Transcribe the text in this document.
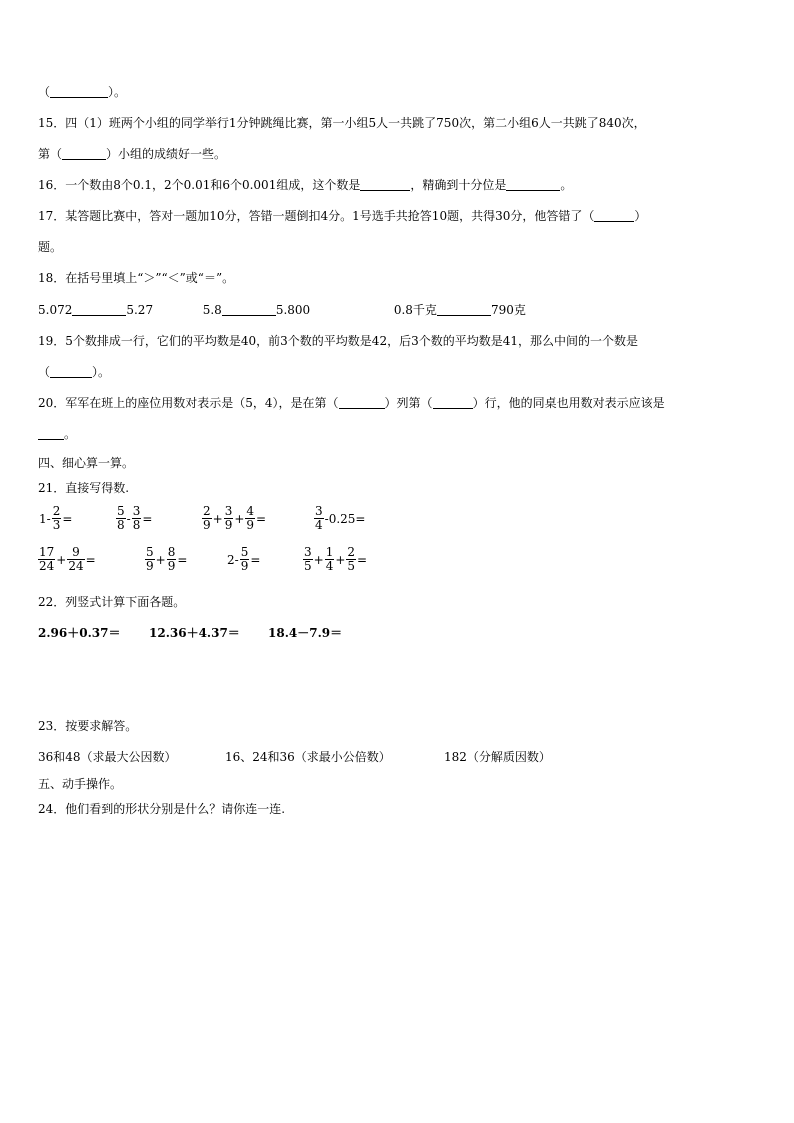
（	）。
15．四（1）班两个小组的同学举行1分钟跳绳比赛，第一小组5人一共跳了750次，第二小组6人一共跳了840次，
第（	）小组的成绩好一些。
16．一个数由8个0.1，2个0.01和6个0.001组成，这个数是	，精确到十分位是	。
17．某答题比赛中，答对一题加10分，答错一题倒扣4分。1号选手共抢答10题，共得30分，他答错了（	）
题。
18．在括号里填上“＞”“＜”或“＝”。
5.072	5.27	5.8	5.800	0.8千克	790克
19．5个数排成一行，它们的平均数是40，前3个数的平均数是42，后3个数的平均数是41，那么中间的一个数是
（	）。
20．军军在班上的座位用数对表示是（5，4），是在第（	）列第（	）行，他的同桌也用数对表示应该是
。
四、细心算一算。
21．直接写得数.
$1- \frac{2}{3}$ =	$\frac{5}{8} - \frac{3}{8}$ =	$\frac{2}{9} + \frac{3}{9} + \frac{4}{9}$ =	$\frac{3}{4} -0.25=$
$\frac{17}{24} + \frac{9}{24}$ =	$\frac{5}{9} + \frac{8}{9}$ =	$2- \frac{5}{9}$ =	$\frac{3}{5} + \frac{1}{4} + \frac{2}{5}$ =
22．列竖式计算下面各题。
2.96＋0.37＝ 12.36＋4.37＝ 18.4－7.9＝
23．按要求解答。
36和48（求最大公因数）	16、24和36（求最小公倍数）	182（分解质因数）
五、动手操作。
24．他们看到的形状分别是什么？请你连一连.
